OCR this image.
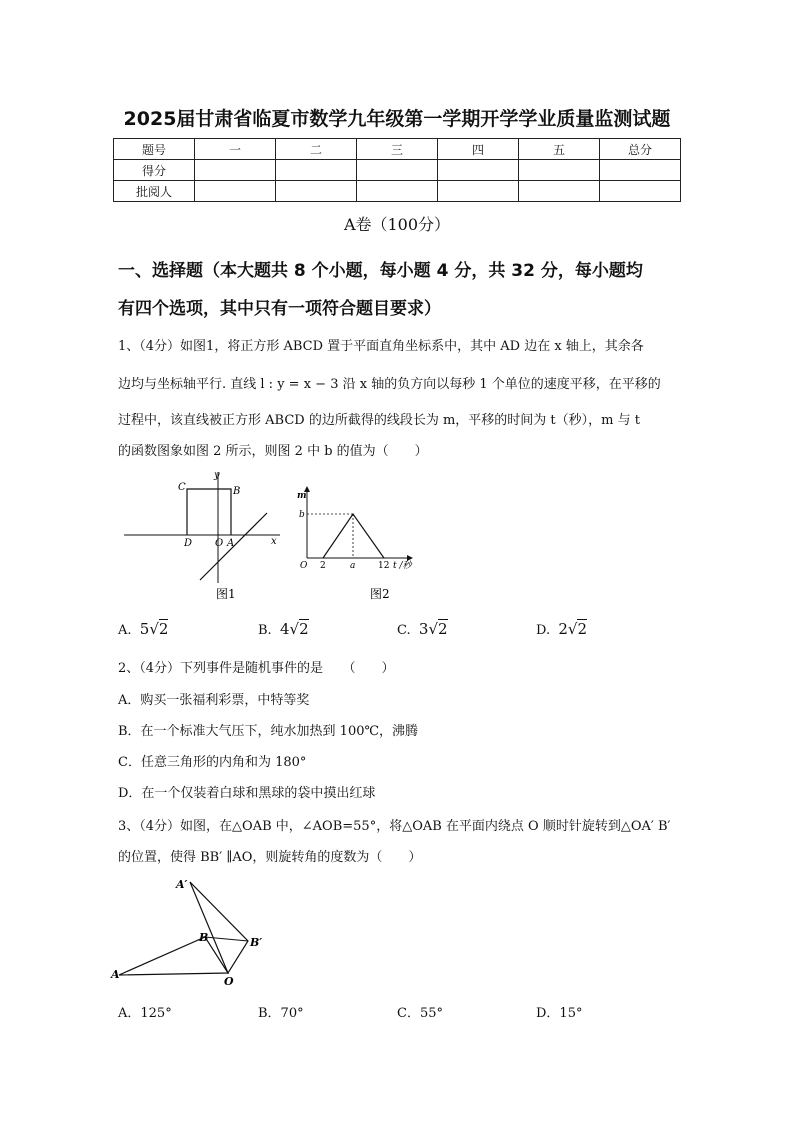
2025届甘肃省临夏市数学九年级第一学期开学学业质量监测试题
题号	一	二	三	四	五	总分
得分						
批阅人						
A卷（100分）
一、选择题（本大题共 8 个小题，每小题 4 分，共 32 分，每小题均
有四个选项，其中只有一项符合题目要求）
1、（4分）如图1，将正方形 ABCD 置于平面直角坐标系中，其中 AD 边在 x 轴上，其余各
边均与坐标轴平行. 直线 l : y = x − 3 沿 x 轴的负方向以每秒 1 个单位的速度平移，在平移的
过程中，该直线被正方形 ABCD 的边所截得的线段长为 m，平移的时间为 t（秒），m 与 t
的函数图象如图 2 所示，则图 2 中 b 的值为（　　）
C	B
D O A	x
y
图1
m
b
O 2	a	12 t /秒
图2
A. 5√2	B. 4√2	C. 3√2	D. 2√2
2、（4分）下列事件是随机事件的是　　（　　）
A．购买一张福利彩票，中特等奖
B．在一个标准大气压下，纯水加热到 100℃，沸腾
C．任意三角形的内角和为 180°
D．在一个仅装着白球和黑球的袋中摸出红球
3、（4分）如图，在△OAB 中，∠AOB=55°，将△OAB 在平面内绕点 O 顺时针旋转到△OA′ B′
的位置，使得 BB′ ∥AO，则旋转角的度数为（　　）
A′
B	B′
A
O
A．125°	B．70°	C．55°	D．15°
